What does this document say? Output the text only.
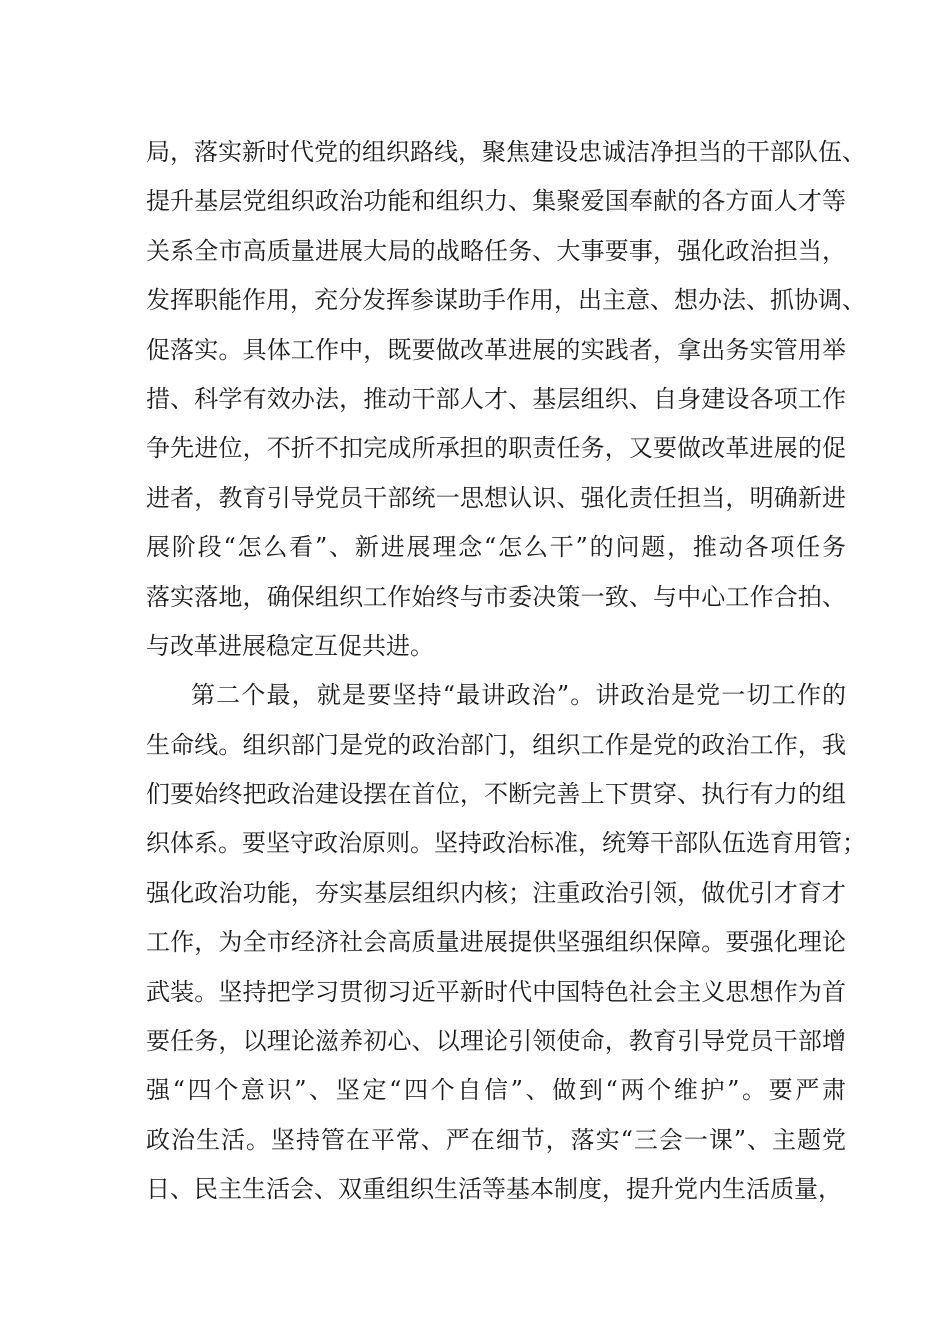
局，落实新时代党的组织路线，聚焦建设忠诚洁净担当的干部队伍、
提升基层党组织政治功能和组织力、集聚爱国奉献的各方面人才等
关系全市高质量进展大局的战略任务、大事要事，强化政治担当，
发挥职能作用，充分发挥参谋助手作用，出主意、想办法、抓协调、
促落实。具体工作中，既要做改革进展的实践者，拿出务实管用举
措、科学有效办法，推动干部人才、基层组织、自身建设各项工作
争先进位，不折不扣完成所承担的职责任务，又要做改革进展的促
进者，教育引导党员干部统一思想认识、强化责任担当，明确新进
展阶段“怎么看”、新进展理念“怎么干”的问题，推动各项任务
落实落地，确保组织工作始终与市委决策一致、与中心工作合拍、
与改革进展稳定互促共进。
第二个最，就是要坚持“最讲政治”。讲政治是党一切工作的
生命线。组织部门是党的政治部门，组织工作是党的政治工作，我
们要始终把政治建设摆在首位，不断完善上下贯穿、执行有力的组
织体系。要坚守政治原则。坚持政治标准，统筹干部队伍选育用管；
强化政治功能，夯实基层组织内核；注重政治引领，做优引才育才
工作，为全市经济社会高质量进展提供坚强组织保障。要强化理论
武装。坚持把学习贯彻习近平新时代中国特色社会主义思想作为首
要任务，以理论滋养初心、以理论引领使命，教育引导党员干部增
强“四个意识”、坚定“四个自信”、做到“两个维护”。要严肃
政治生活。坚持管在平常、严在细节，落实“三会一课”、主题党
日、民主生活会、双重组织生活等基本制度，提升党内生活质量，
